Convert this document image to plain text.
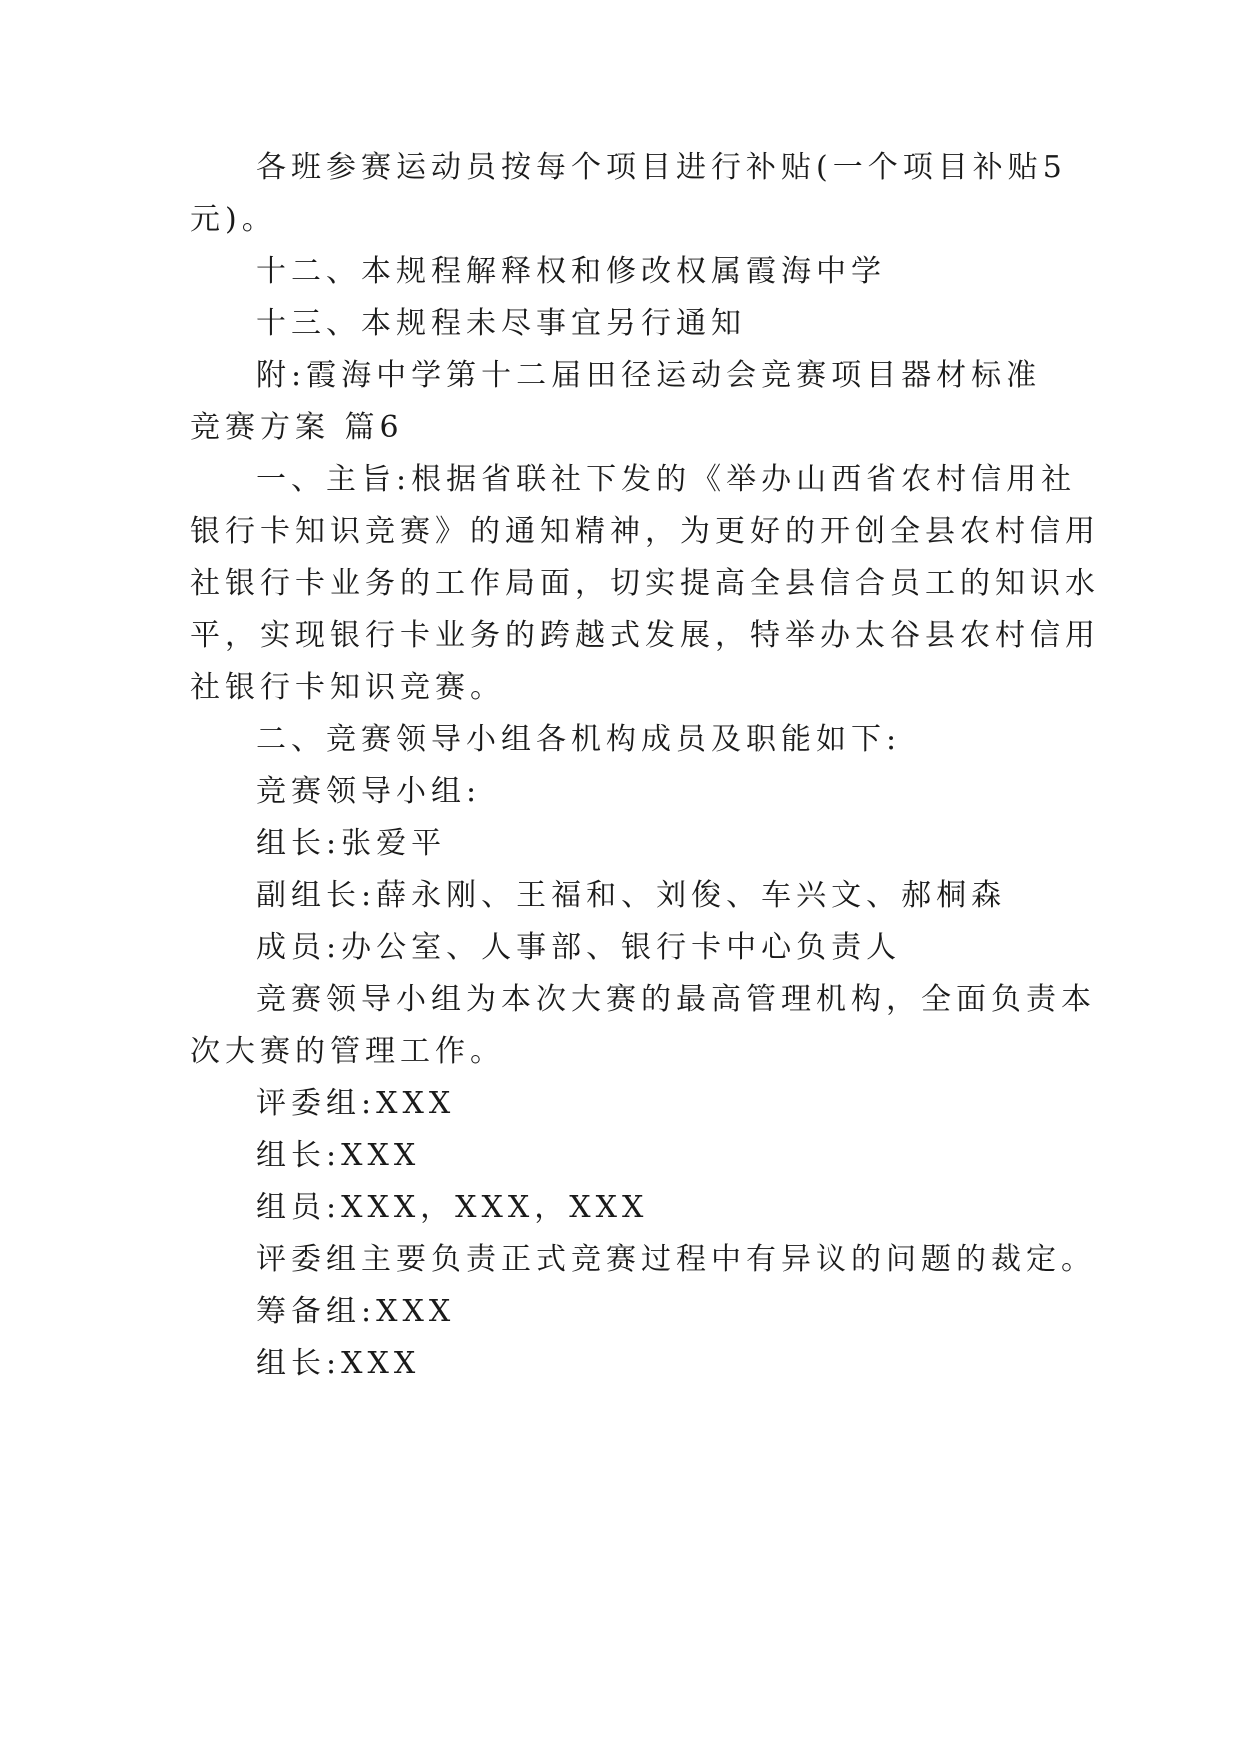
各班参赛运动员按每个项目进行补贴(一个项目补贴5
元)。
十二、本规程解释权和修改权属霞海中学
十三、本规程未尽事宜另行通知
附:霞海中学第十二届田径运动会竞赛项目器材标准
竞赛方案 篇6
一、主旨:根据省联社下发的《举办山西省农村信用社
银行卡知识竞赛》的通知精神，为更好的开创全县农村信用
社银行卡业务的工作局面，切实提高全县信合员工的知识水
平，实现银行卡业务的跨越式发展，特举办太谷县农村信用
社银行卡知识竞赛。
二、竞赛领导小组各机构成员及职能如下:
竞赛领导小组:
组长:张爱平
副组长:薛永刚、王福和、刘俊、车兴文、郝桐森
成员:办公室、人事部、银行卡中心负责人
竞赛领导小组为本次大赛的最高管理机构，全面负责本
次大赛的管理工作。
评委组:XXX
组长:XXX
组员:XXX，XXX，XXX
评委组主要负责正式竞赛过程中有异议的问题的裁定。
筹备组:XXX
组长:XXX
